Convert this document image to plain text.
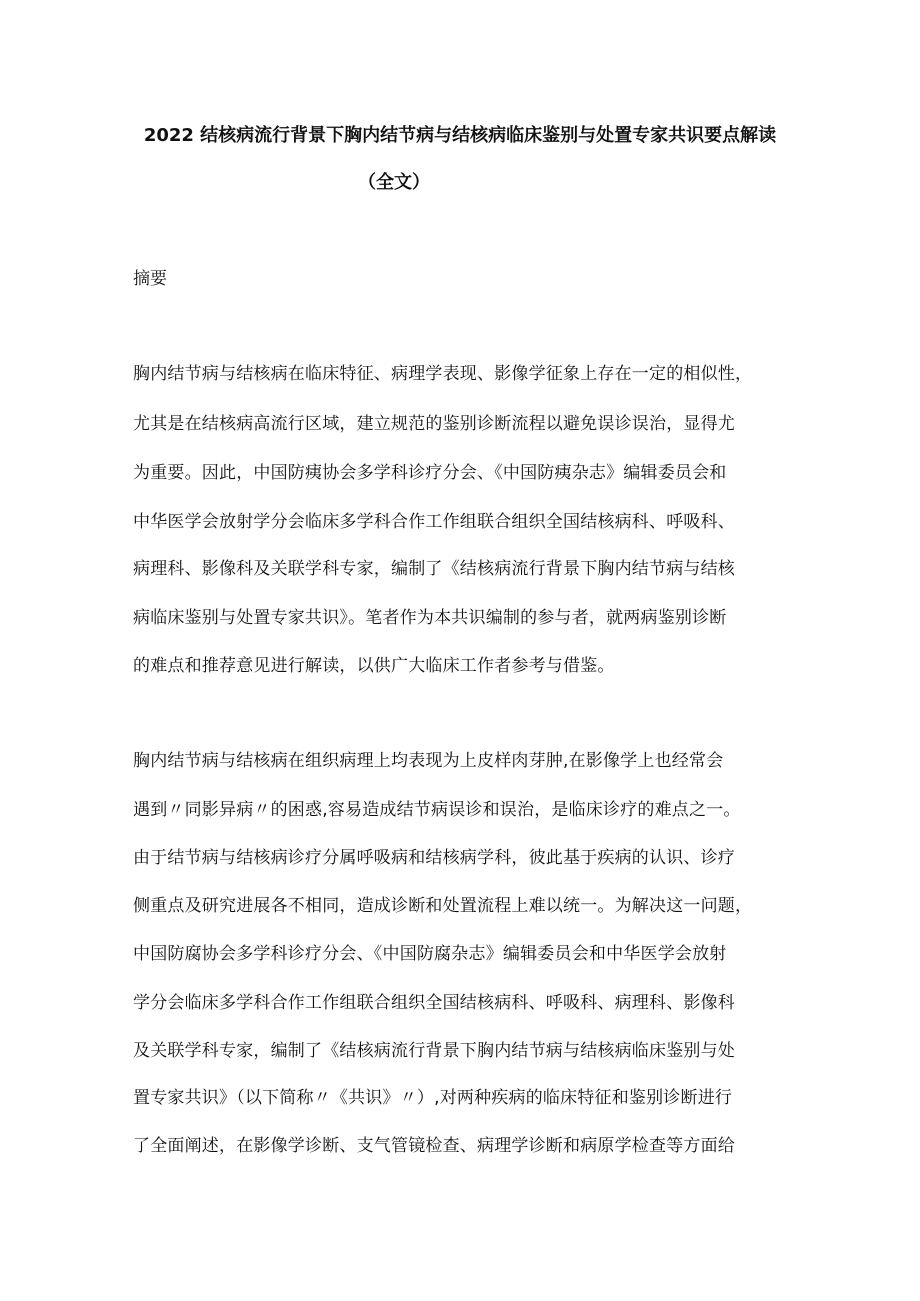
2022 结核病流行背景下胸内结节病与结核病临床鉴别与处置专家共识要点解读
（全文）
摘要
胸内结节病与结核病在临床特征、病理学表现、影像学征象上存在一定的相似性，
尤其是在结核病高流行区域，建立规范的鉴别诊断流程以避免误诊误治，显得尤
为重要。因此，中国防痍协会多学科诊疗分会、《中国防痍杂志》编辑委员会和
中华医学会放射学分会临床多学科合作工作组联合组织全国结核病科、呼吸科、
病理科、影像科及关联学科专家，编制了《结核病流行背景下胸内结节病与结核
病临床鉴别与处置专家共识》。笔者作为本共识编制的参与者，就两病鉴别诊断
的难点和推荐意见进行解读，以供广大临床工作者参考与借鉴。
胸内结节病与结核病在组织病理上均表现为上皮样肉芽肿,在影像学上也经常会
遇到〃同影异病〃的困惑,容易造成结节病误诊和误治，是临床诊疗的难点之一。
由于结节病与结核病诊疗分属呼吸病和结核病学科，彼此基于疾病的认识、诊疗
侧重点及研究进展各不相同，造成诊断和处置流程上难以统一。为解决这一问题，
中国防腐协会多学科诊疗分会、《中国防腐杂志》编辑委员会和中华医学会放射
学分会临床多学科合作工作组联合组织全国结核病科、呼吸科、病理科、影像科
及关联学科专家，编制了《结核病流行背景下胸内结节病与结核病临床鉴别与处
置专家共识》（以下简称〃《共识》〃）,对两种疾病的临床特征和鉴别诊断进行
了全面阐述，在影像学诊断、支气管镜检查、病理学诊断和病原学检查等方面给
